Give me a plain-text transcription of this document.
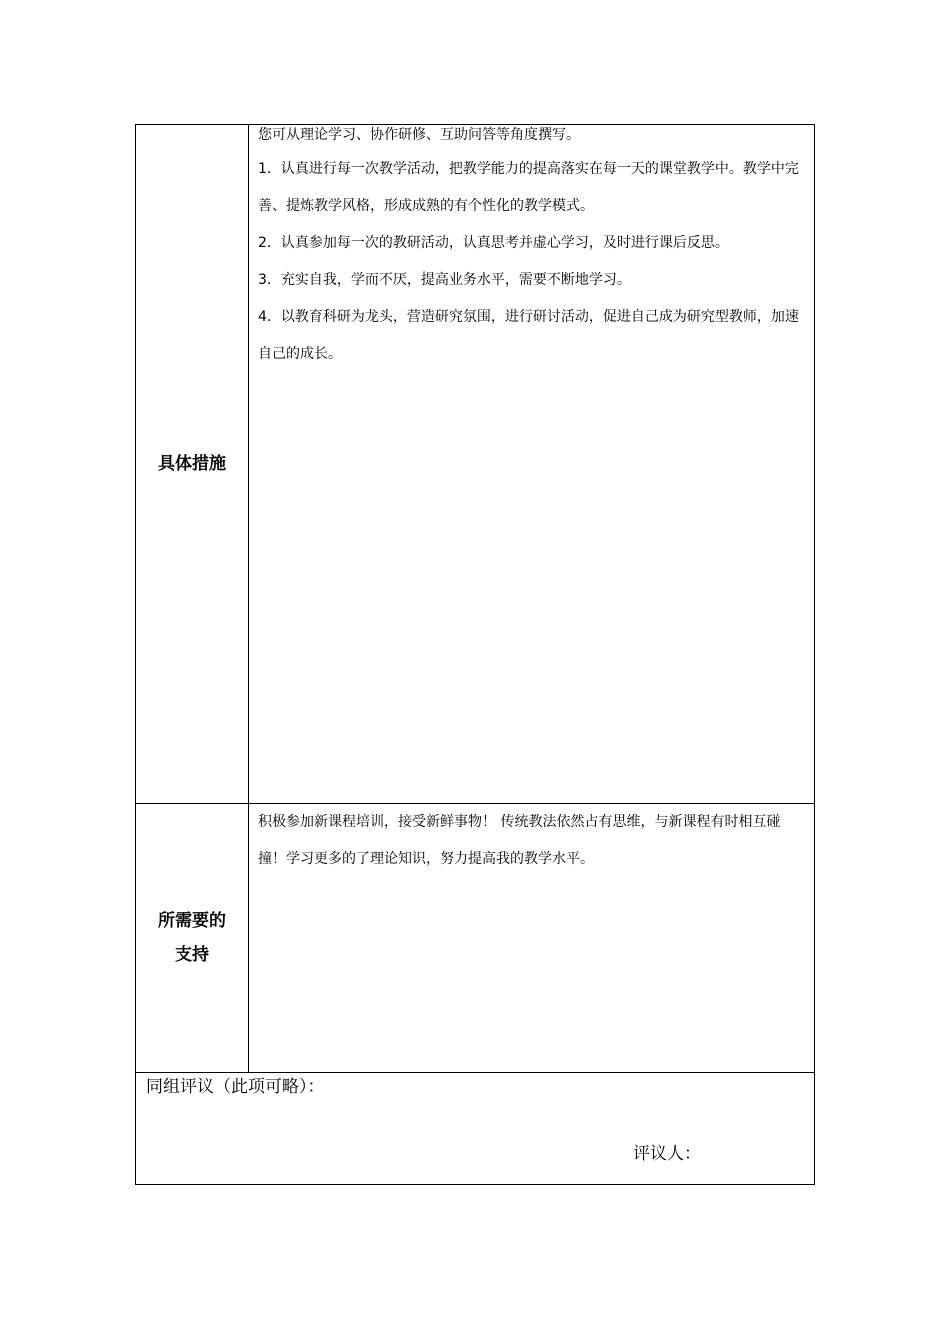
具体措施

您可从理论学习、协作研修、互助问答等角度撰写。

1．认真进行每一次教学活动，把教学能力的提高落实在每一天的课堂教学中。教学中完善、提炼教学风格，形成成熟的有个性化的教学模式。

2．认真参加每一次的教研活动，认真思考并虚心学习，及时进行课后反思。

3．充实自我，学而不厌，提高业务水平，需要不断地学习。

4．以教育科研为龙头，营造研究氛围，进行研讨活动，促进自己成为研究型教师，加速自己的成长。

所需要的
支持

积极参加新课程培训，接受新鲜事物！ 传统教法依然占有思维，与新课程有时相互碰撞！学习更多的了理论知识，努力提高我的教学水平。

同组评议（此项可略）：
评议人：
